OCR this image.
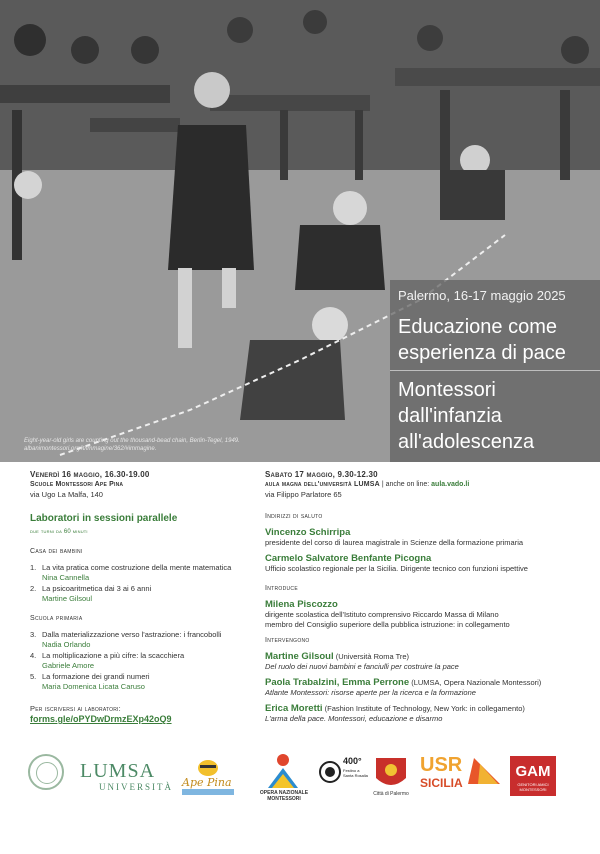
Eight-year-old girls are counting out the thousand-bead chain, Berlin-Tegel, 1949. albanimontessori.org/it/immagine/362/#immagine.
Palermo, 16-17 maggio 2025
Educazione come esperienza di pace
Montessori dall'infanzia all'adolescenza
Venerdì 16 maggio, 16.30-19.00
Scuole Montessori Ape Pina
via Ugo La Malfa, 140
Laboratori in sessioni parallele
due turni da 60 minuti
Casa dei bambini
1. La vita pratica come costruzione della mente matematica
Nina Cannella
2. La psicoaritmetica dai 3 ai 6 anni
Martine Gilsoul
Scuola primaria
3. Dalla materializzazione verso l'astrazione: i francobolli
Nadia Orlando
4. La moltiplicazione a più cifre: la scacchiera
Gabriele Amore
5. La formazione dei grandi numeri
Maria Domenica Licata Caruso
Per iscriversi ai laboratori:
forms.gle/oPYDwDrmzEXp42oQ9
Sabato 17 maggio, 9.30-12.30
aula magna dell'università LUMSA | anche on line: aula.vado.li
via Filippo Parlatore 65
Indirizzi di saluto
Vincenzo Schirripa
presidente del corso di laurea magistrale in Scienze della formazione primaria
Carmelo Salvatore Benfante Picogna
Ufficio scolastico regionale per la Sicilia. Dirigente tecnico con funzioni ispettive
Introduce
Milena Piscozzo
dirigente scolastica dell'Istituto comprensivo Riccardo Massa di Milano
membro del Consiglio superiore della pubblica istruzione: in collegamento
Intervengono
Martine Gilsoul (Università Roma Tre)
Del ruolo dei nuovi bambini e fanciulli per costruire la pace
Paola Trabalzini, Emma Perrone (LUMSA, Opera Nazionale Montessori)
Atlante Montessori: risorse aperte per la ricerca e la formazione
Erica Moretti (Fashion Institute of Technology, New York: in collegamento)
L'arma della pace. Montessori, educazione e disarmo
LUMSA
UNIVERSITÀ Ape Pina
OPERA NAZIONALE MONTESSORI
400°
Festino a Santa Rosalia
Città di Palermo
USR
SICILIA
GAM
GENITORI AMICI MONTESSORI
